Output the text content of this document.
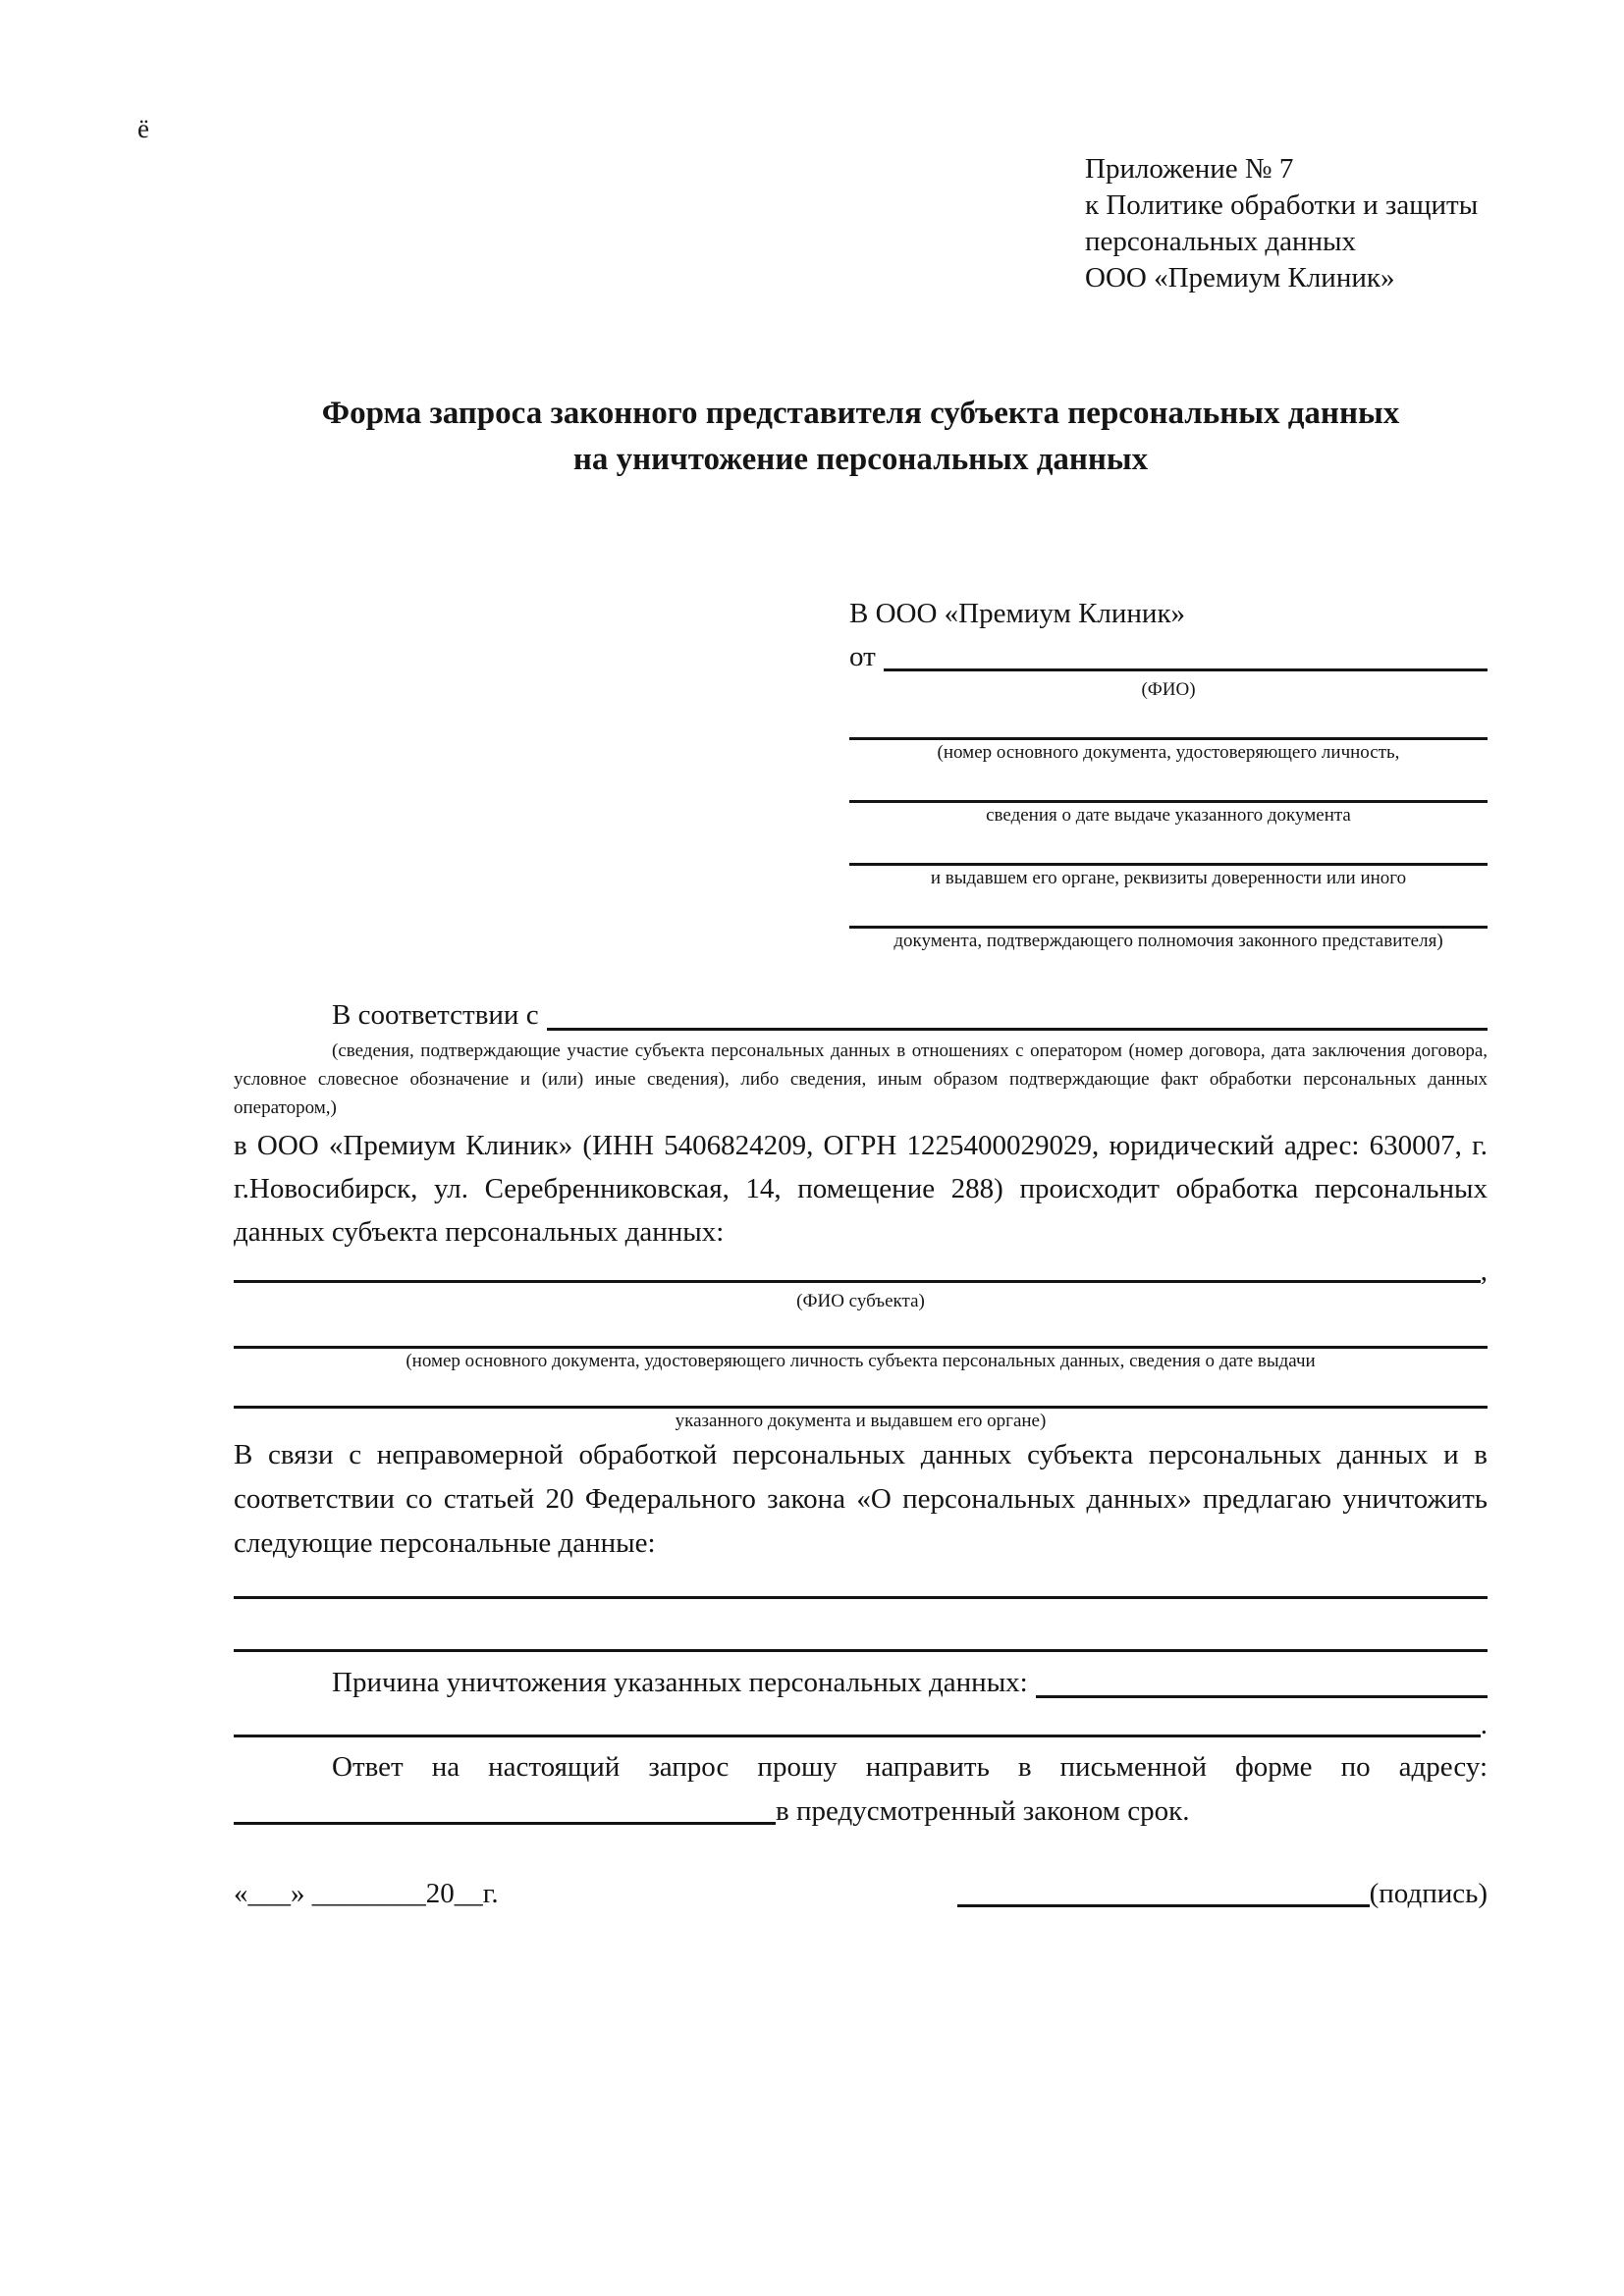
ё
Приложение № 7
к Политике обработки и защиты
персональных данных
ООО «Премиум Клиник»
Форма запроса законного представителя субъекта персональных данных
на уничтожение персональных данных
В ООО «Премиум Клиник»
от
(ФИО)
(номер основного документа, удостоверяющего личность,
сведения о дате выдаче указанного документа
и выдавшем его органе, реквизиты доверенности или иного
документа, подтверждающего полномочия законного представителя)
В соответствии с

(сведения, подтверждающие участие субъекта персональных данных в отношениях с оператором (номер договора, дата заключения договора, условное словесное обозначение и (или) иные сведения), либо сведения, иным образом подтверждающие факт обработки персональных данных оператором,)

в ООО «Премиум Клиник» (ИНН 5406824209, ОГРН 1225400029029, юридический адрес: 630007, г. г.Новосибирск, ул. Серебренниковская, 14, помещение 288) происходит обработка персональных данных субъекта персональных данных:

,
(ФИО субъекта)
(номер основного документа, удостоверяющего личность субъекта персональных данных, сведения о дате выдачи
указанного документа и выдавшем его органе)

В связи с неправомерной обработкой персональных данных субъекта персональных данных и в соответствии со статьей 20 Федерального закона «О персональных данных» предлагаю уничтожить следующие персональные данные:

Причина уничтожения указанных персональных данных:
.

Ответ на настоящий запрос прошу направить в письменной форме по адресу:в предусмотренный законом срок.

«___» ________20__г.	(подпись)
